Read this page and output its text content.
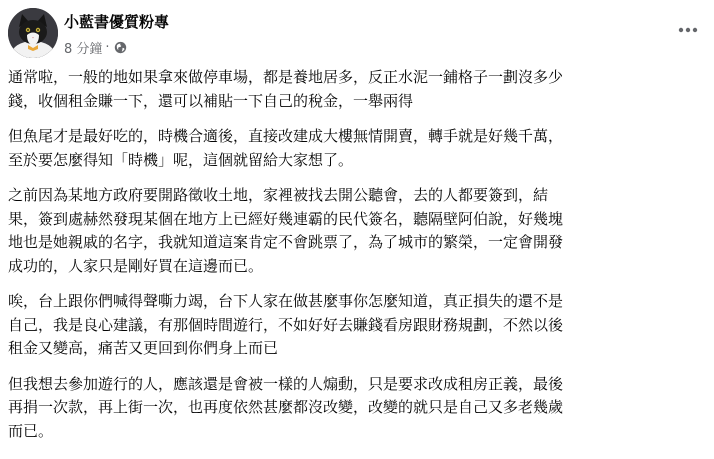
小藍書優質粉專
8 分鐘 ·

通常啦，一般的地如果拿來做停車場，都是養地居多，反正水泥一鋪格子一劃沒多少
錢，收個租金賺一下，還可以補貼一下自己的稅金，一舉兩得

但魚尾才是最好吃的，時機合適後，直接改建成大樓無情開賣，轉手就是好幾千萬，
至於要怎麼得知「時機」呢，這個就留給大家想了。

之前因為某地方政府要開路徵收土地，家裡被找去開公聽會，去的人都要簽到，結
果，簽到處赫然發現某個在地方上已經好幾連霸的民代簽名，聽隔壁阿伯說，好幾塊
地也是她親戚的名字，我就知道這案肯定不會跳票了，為了城市的繁榮，一定會開發
成功的，人家只是剛好買在這邊而已。

唉，台上跟你們喊得聲嘶力竭，台下人家在做甚麼事你怎麼知道，真正損失的還不是
自己，我是良心建議，有那個時間遊行，不如好好去賺錢看房跟財務規劃，不然以後
租金又變高，痛苦又更回到你們身上而已

但我想去參加遊行的人，應該還是會被一樣的人煽動，只是要求改成租房正義，最後
再捐一次款，再上街一次，也再度依然甚麼都沒改變，改變的就只是自己又多老幾歲
而已。
